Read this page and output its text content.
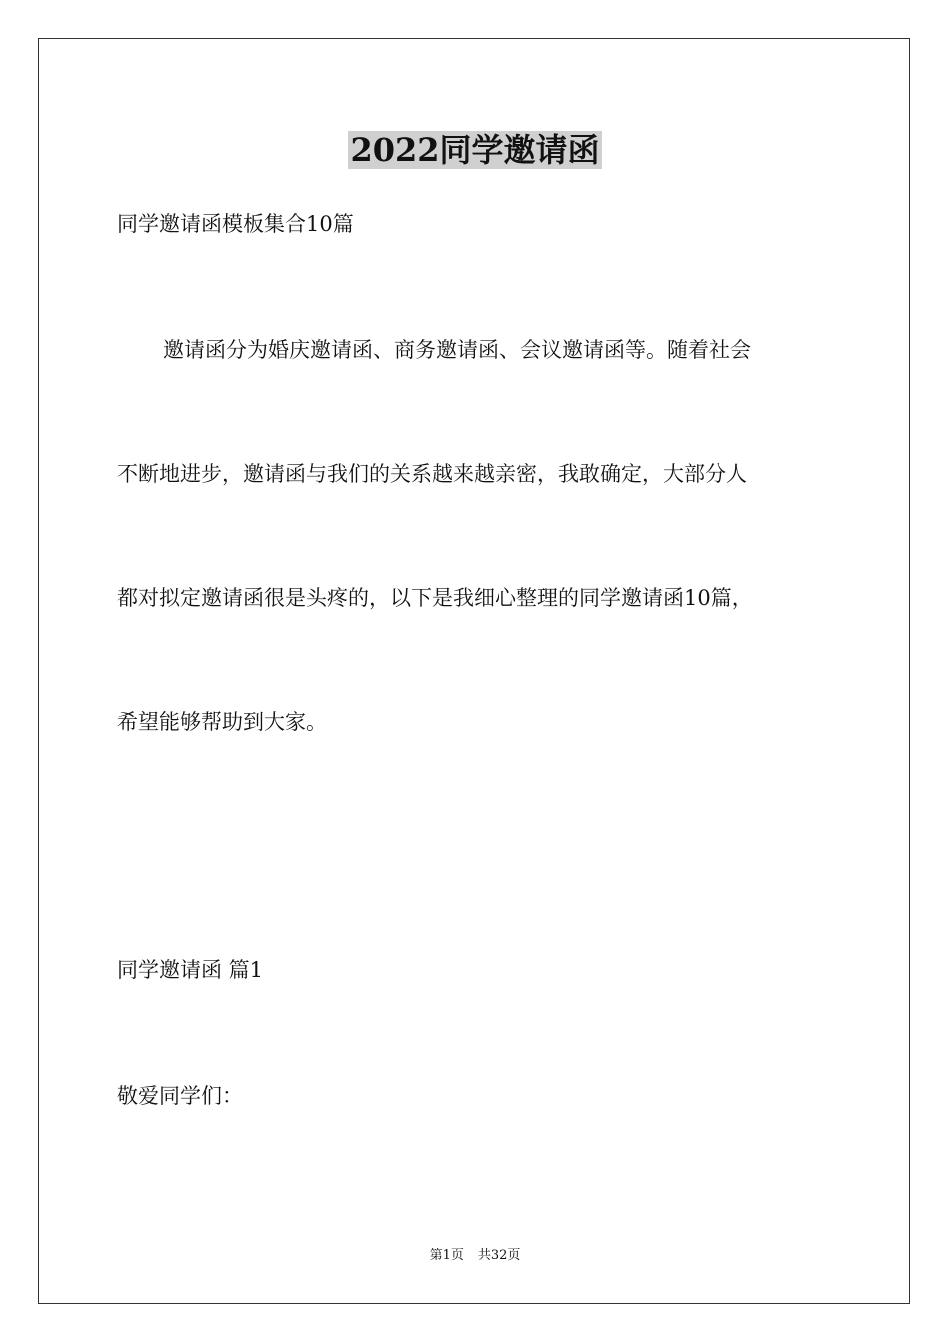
2022同学邀请函
同学邀请函模板集合10篇
邀请函分为婚庆邀请函、商务邀请函、会议邀请函等。随着社会
不断地进步，邀请函与我们的关系越来越亲密，我敢确定，大部分人
都对拟定邀请函很是头疼的，以下是我细心整理的同学邀请函10篇，
希望能够帮助到大家。
同学邀请函 篇1
敬爱同学们：
第1页 共32页
